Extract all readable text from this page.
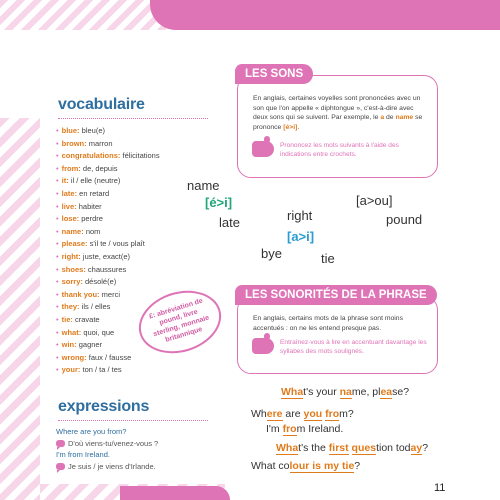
vocabulaire
• blue: bleu(e)
• brown: marron
• congratulations: félicitations
• from: de, depuis
• it: il / elle (neutre)
• late: en retard
• live: habiter
• lose: perdre
• name: nom
• please: s'il te / vous plaît
• right: juste, exact(e)
• shoes: chaussures
• sorry: désolé(e)
• thank you: merci
• they: ils / elles
• tie: cravate
• what: quoi, que
• win: gagner
• wrong: faux / fausse
• your: ton / ta / tes
£: abréviation de pound, livre sterling, monnaie britannique
expressions
Where are you from?
D'où viens-tu/venez-vous ?
I'm from Ireland.
Je suis / je viens d'Irlande.
LES SONS
En anglais, certaines voyelles sont prononcées avec un son que l'on appelle « diphtongue », c'est-à-dire avec deux sons qui se suivent. Par exemple, le a de name se prononce [é>i].
Prononcez les mots suivants à l'aide des indications entre crochets.
name
[é>i]
late	right
[a>i]
bye	tie
[a>ou]
pound
LES SONORITÉS DE LA PHRASE
En anglais, certains mots de la phrase sont moins accentués : on ne les entend presque pas.
Entraînez-vous à lire en accentuant davantage les syllabes des mots soulignés.
What's your name, please?
Where are you from?
I'm from Ireland.
What's the first question today?
What colour is my tie?
11
